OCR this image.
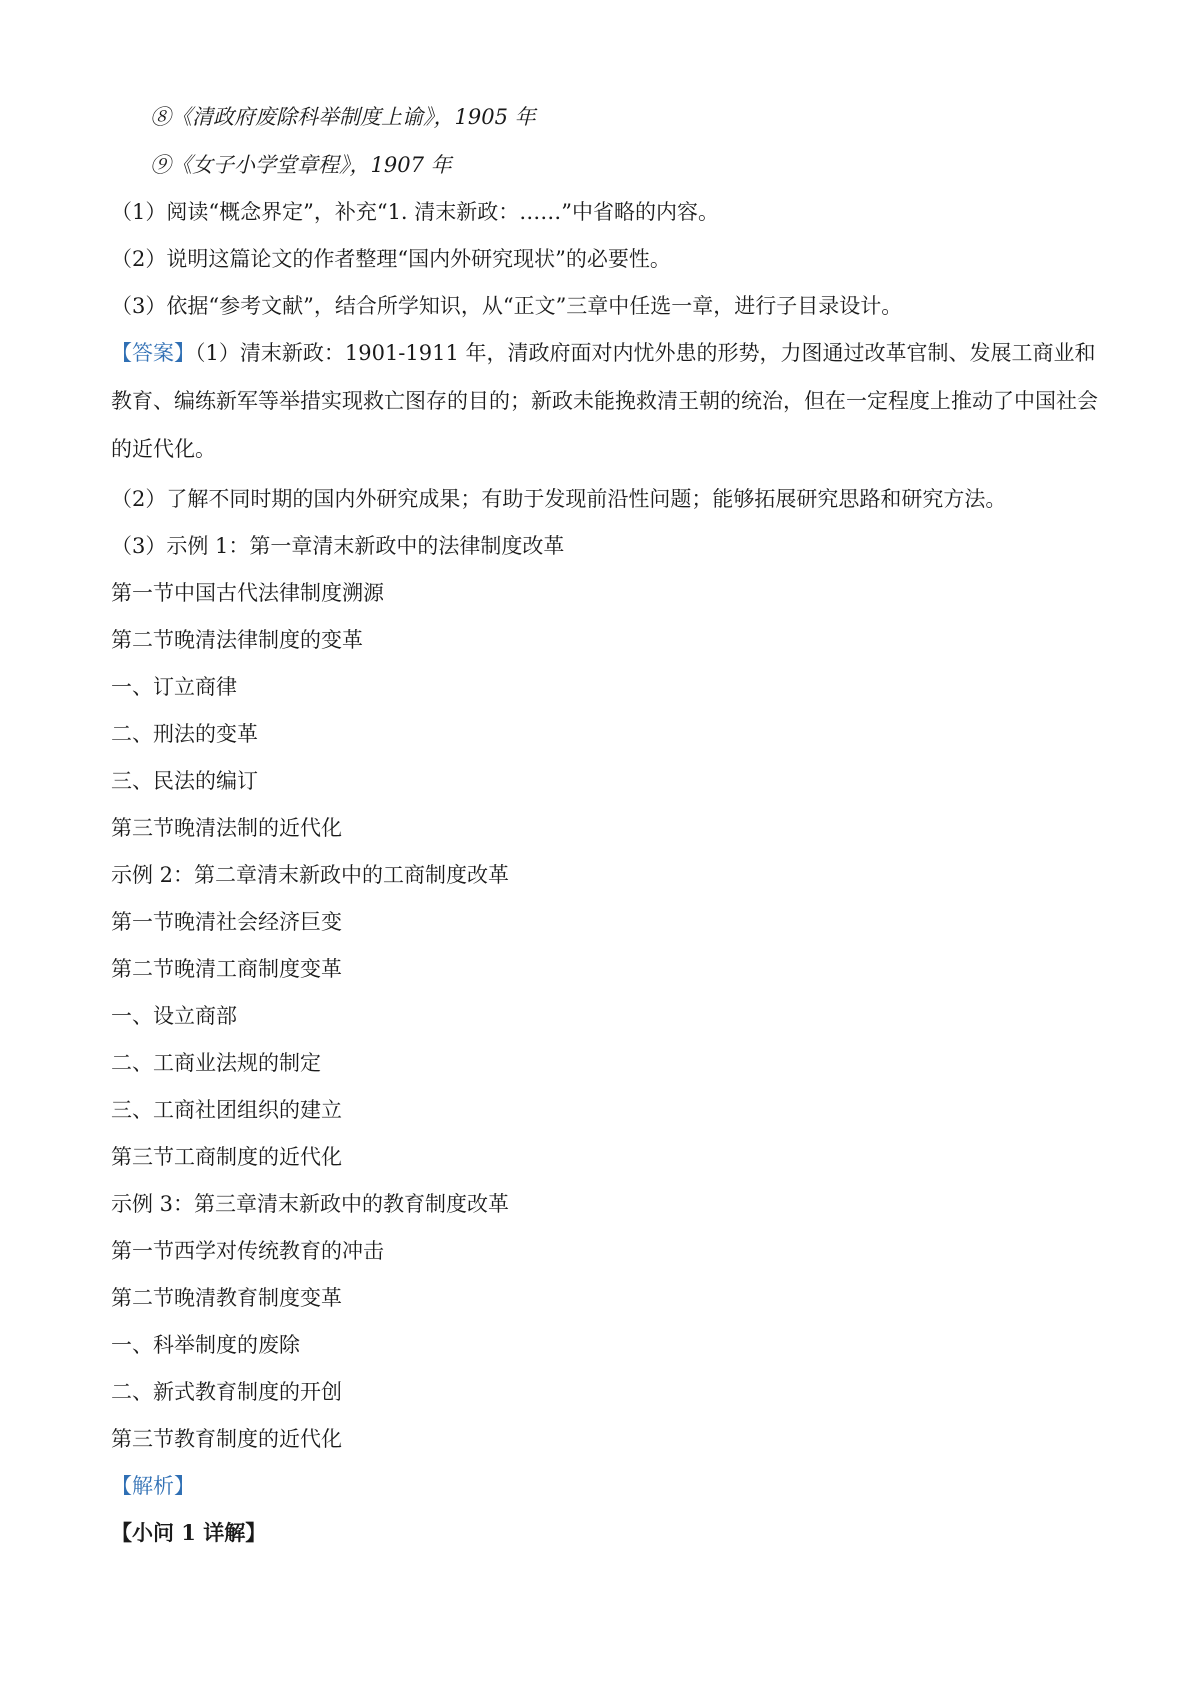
⑧《清政府废除科举制度上谕》，1905 年
⑨《女子小学堂章程》，1907 年
（1）阅读“概念界定”，补充“1. 清末新政：……”中省略的内容。
（2）说明这篇论文的作者整理“国内外研究现状”的必要性。
（3）依据“参考文献”，结合所学知识，从“正文”三章中任选一章，进行子目录设计。
【答案】（1）清末新政：1901-1911 年，清政府面对内忧外患的形势，力图通过改革官制、发展工商业和教育、编练新军等举措实现救亡图存的目的；新政未能挽救清王朝的统治，但在一定程度上推动了中国社会的近代化。
（2）了解不同时期的国内外研究成果；有助于发现前沿性问题；能够拓展研究思路和研究方法。
（3）示例 1：第一章清末新政中的法律制度改革
第一节中国古代法律制度溯源
第二节晚清法律制度的变革
一、订立商律
二、刑法的变革
三、民法的编订
第三节晚清法制的近代化
示例 2：第二章清末新政中的工商制度改革
第一节晚清社会经济巨变
第二节晚清工商制度变革
一、设立商部
二、工商业法规的制定
三、工商社团组织的建立
第三节工商制度的近代化
示例 3：第三章清末新政中的教育制度改革
第一节西学对传统教育的冲击
第二节晚清教育制度变革
一、科举制度的废除
二、新式教育制度的开创
第三节教育制度的近代化
【解析】
【小问 1 详解】
